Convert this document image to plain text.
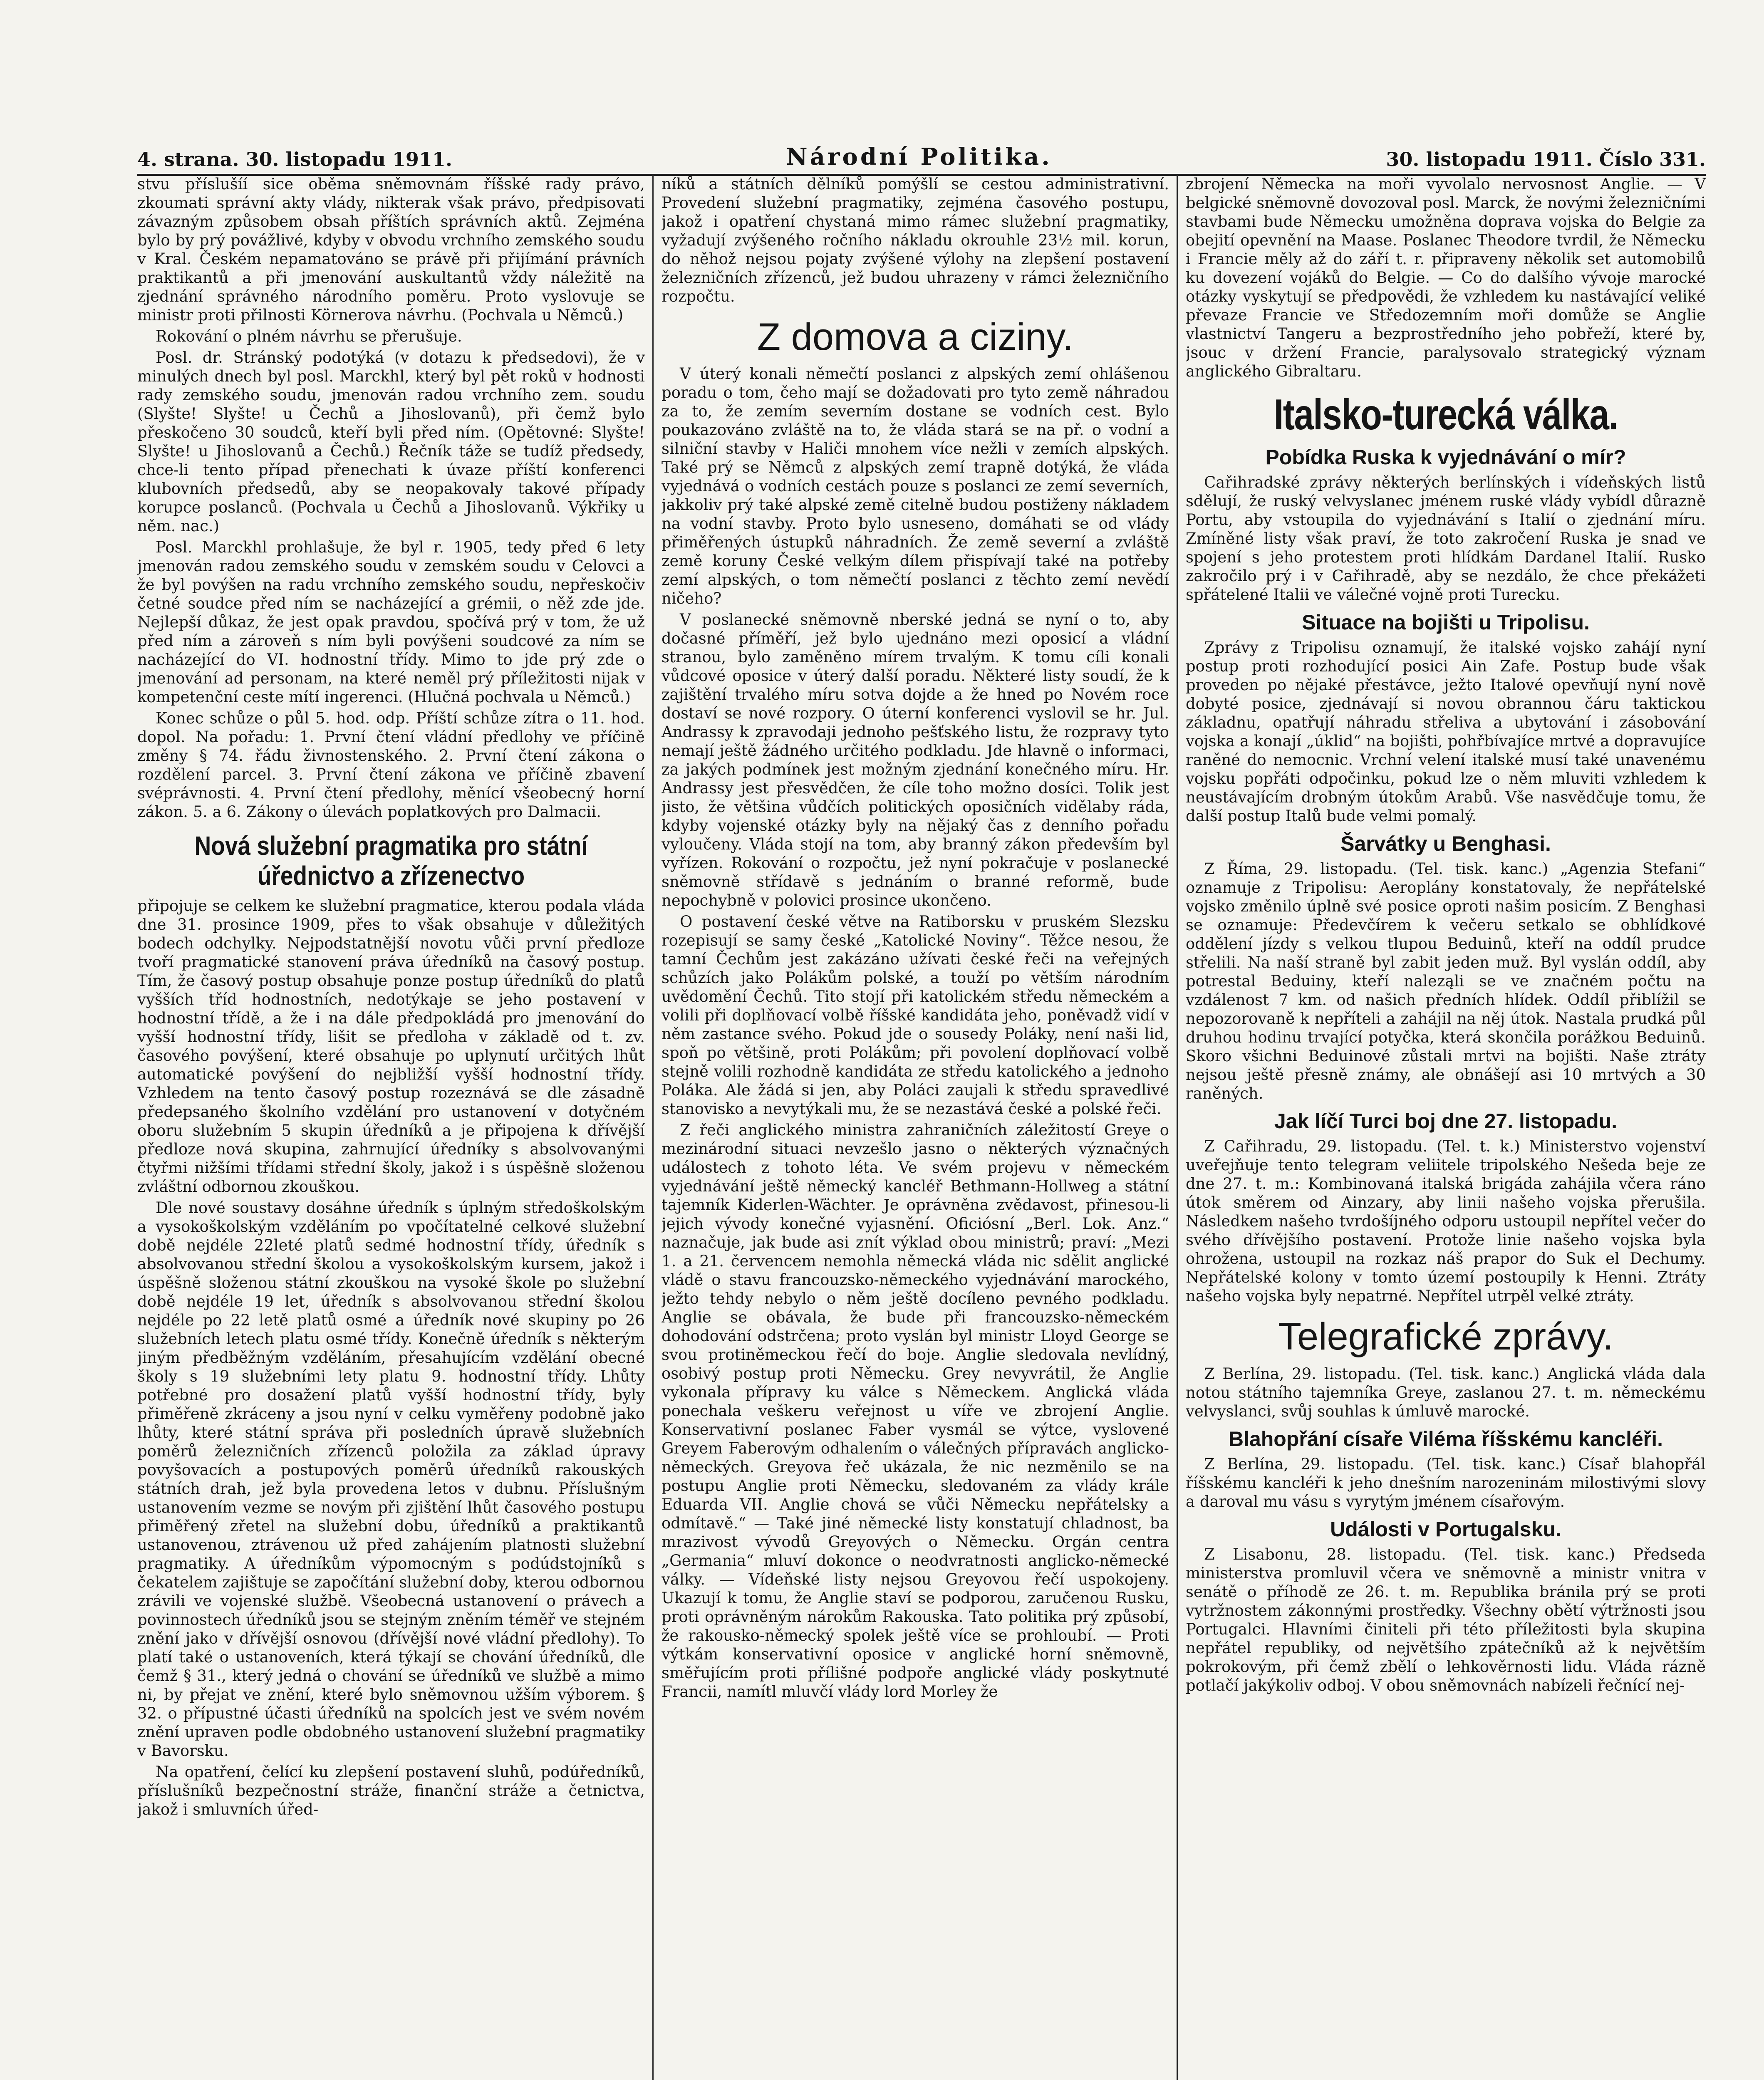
4. strana. 30. listopadu 1911.	Národní Politika.	30. listopadu 1911. Číslo 331.

stvu příslušíí sice oběma sněmovnám říšské rady právo, zkoumati správní akty vlády, nikterak však právo, předpisovati závazným způsobem obsah příštích správních aktů. Zejména bylo by prý povážlivé, kdyby v obvodu vrchního zemského soudu v Kral. Českém nepamatováno se právě při přijímání právních praktikantů a při jmenování auskultantů vždy náležitě na zjednání správného národního poměru. Proto vyslovuje se ministr proti přilnosti Körnerova návrhu. (Pochvala u Němců.)

Rokování o plném návrhu se přerušuje.

Posl. dr. Stránský podotýká (v dotazu k předsedovi), že v minulých dnech byl posl. Marckhl, který byl pět roků v hodnosti rady zemského soudu, jmenován radou vrchního zem. soudu (Slyšte! Slyšte! u Čechů a Jihoslovanů), při čemž bylo přeskočeno 30 soudců, kteří byli před ním. (Opětovné: Slyšte! Slyšte! u Jihoslovanů a Čechů.) Řečník táže se tudíž předsedy, chce-li tento případ přenechati k úvaze příští konferenci klubovních předsedů, aby se neopakovaly takové případy korupce poslanců. (Pochvala u Čechů a Jihoslovanů. Výkřiky u něm. nac.)

Posl. Marckhl prohlašuje, že byl r. 1905, tedy před 6 lety jmenován radou zemského soudu v zemském soudu v Celovci a že byl povýšen na radu vrchního zemského soudu, nepřeskočiv četné soudce před ním se nacházející a grémii, o něž zde jde. Nejlepší důkaz, že jest opak pravdou, spočívá prý v tom, že už před ním a zároveň s ním byli povýšeni soudcové za ním se nacházející do VI. hodnostní třídy. Mimo to jde prý zde o jmenování ad personam, na které neměl prý příležitosti nijak v kompetenční ceste mítí ingerenci. (Hlučná pochvala u Němců.)

Konec schůze o půl 5. hod. odp. Příští schůze zítra o 11. hod. dopol. Na pořadu: 1. První čtení vládní předlohy ve příčině změny § 74. řádu živnostenského. 2. První čtení zákona o rozdělení parcel. 3. První čtení zákona ve příčině zbavení svéprávnosti. 4. První čtení předlohy, měnící všeobecný horní zákon. 5. a 6. Zákony o úlevách poplatkových pro Dalmacii.

Nová služební pragmatika pro státní úřednictvo a zřízenectvo

připojuje se celkem ke služební pragmatice, kterou podala vláda dne 31. prosince 1909, přes to však obsahuje v důležitých bodech odchylky. Nejpodstatnější novotu vůči první předloze tvoří pragmatické stanovení práva úředníků na časový postup. Tím, že časový postup obsahuje ponze postup úředníků do platů vyšších tříd hodnostních, nedotýkaje se jeho postavení v hodnostní třídě, a že i na dále předpokládá pro jmenování do vyšší hodnostní třídy, lišit se předloha v základě od t. zv. časového povýšení, které obsahuje po uplynutí určitých lhůt automatické povýšení do nejbližší vyšší hodnostní třídy. Vzhledem na tento časový postup rozeznává se dle zásadně předepsaného školního vzdělání pro ustanovení v dotyčném oboru služebním 5 skupin úředníků a je připojena k dřívější předloze nová skupina, zahrnující úředníky s absolvovanými čtyřmi nižšími třídami střední školy, jakož i s úspěšně složenou zvláštní odbornou zkouškou.

Dle nové soustavy dosáhne úředník s úplným středoškolským a vysokoškolským vzděláním po vpočítatelné celkové služební době nejdéle 22leté platů sedmé hodnostní třídy, úředník s absolvovanou střední školou a vysokoškolským kursem, jakož i úspěšně složenou státní zkouškou na vysoké škole po služební době nejdéle 19 let, úředník s absolvovanou střední školou nejdéle po 22 letě platů osmé a úředník nové skupiny po 26 služebních letech platu osmé třídy. Konečně úředník s některým jiným předběžným vzděláním, přesahujícím vzdělání obecné školy s 19 služebními lety platu 9. hodnostní třídy. Lhůty potřebné pro dosažení platů vyšší hodnostní třídy, byly přiměřeně zkráceny a jsou nyní v celku vyměřeny podobně jako lhůty, které státní správa při posledních úpravě služebních poměrů železničních zřízenců položila za základ úpravy povyšovacích a postupových poměrů úředníků rakouských státních drah, jež byla provedena letos v dubnu. Příslušným ustanovením vezme se novým při zjištění lhůt časového postupu přiměřený zřetel na služební dobu, úředníků a praktikantů ustanovenou, ztrávenou už před zahájením platnosti služební pragmatiky. A úředníkům výpomocným s podúdstojníků s čekatelem zajištuje se započítání služební doby, kterou odbornou zrávili ve vojenské službě. Všeobecná ustanovení o právech a povinnostech úředníků jsou se stejným zněním téměř ve stejném znění jako v dřívější osnovou (dřívější nové vládní předlohy). To platí také o ustanoveních, která týkají se chování úředníků, dle čemž § 31., který jedná o chování se úředníků ve službě a mimo ni, by přejat ve znění, které bylo sněmovnou užším výborem. § 32. o přípustné účasti úředníků na spolcích jest ve svém novém znění upraven podle obdobného ustanovení služební pragmatiky v Bavorsku.

Na opatření, čelící ku zlepšení postavení sluhů, podúředníků, příslušníků bezpečnostní stráže, finanční stráže a četnictva, jakož i smluvních úřed-

níků a státních dělníků pomýšlí se cestou administrativní. Provedení služební pragmatiky, zejména časového postupu, jakož i opatření chystaná mimo rámec služební pragmatiky, vyžadují zvýšeného ročního nákladu okrouhle 23½ mil. korun, do něhož nejsou pojaty zvýšené výlohy na zlepšení postavení železničních zřízenců, jež budou uhrazeny v rámci železničního rozpočtu.

Z domova a ciziny.

V úterý konali němečtí poslanci z alpských zemí ohlášenou poradu o tom, čeho mají se dožadovati pro tyto země náhradou za to, že zemím severním dostane se vodních cest. Bylo poukazováno zvláště na to, že vláda stará se na př. o vodní a silniční stavby v Haliči mnohem více nežli v zemích alpských. Také prý se Němců z alpských zemí trapně dotýká, že vláda vyjednává o vodních cestách pouze s poslanci ze zemí severních, jakkoliv prý také alpské země citelně budou postiženy nákladem na vodní stavby. Proto bylo usneseno, domáhati se od vlády přiměřených ústupků náhradních. Že země severní a zvláště země koruny České velkým dílem přispívají také na potřeby zemí alpských, o tom němečtí poslanci z těchto zemí nevědí ničeho?

V poslanecké sněmovně nberské jedná se nyní o to, aby dočasné příměří, jež bylo ujednáno mezi oposicí a vládní stranou, bylo zaměněno mírem trvalým. K tomu cíli konali vůdcové oposice v úterý další poradu. Některé listy soudí, že k zajištění trvalého míru sotva dojde a že hned po Novém roce dostaví se nové rozpory. O úterní konferenci vyslovil se hr. Jul. Andrassy k zpravodaji jednoho pešťského listu, že rozpravy tyto nemají ještě žádného určitého podkladu. Jde hlavně o informaci, za jakých podmínek jest možným zjednání konečného míru. Hr. Andrassy jest přesvědčen, že cíle toho možno dosíci. Tolik jest jisto, že většina vůdčích politických oposičních vidělaby ráda, kdyby vojenské otázky byly na nějaký čas z denního pořadu vyloučeny. Vláda stojí na tom, aby branný zákon především byl vyřízen. Rokování o rozpočtu, jež nyní pokračuje v poslanecké sněmovně střídavě s jednáním o branné reformě, bude nepochybně v polovici prosince ukončeno.

O postavení české větve na Ratiborsku v pruském Slezsku rozepisují se samy české „Katolické Noviny“. Těžce nesou, že tamní Čechům jest zakázáno užívati české řeči na veřejných schůzích jako Polákům polské, a touží po větším národním uvědomění Čechů. Tito stojí při katolickém středu německém a volili při doplňovací volbě říšské kandidáta jeho, poněvadž vidí v něm zastance svého. Pokud jde o sousedy Poláky, není naši lid, spoň po většině, proti Polákům; při povolení doplňovací volbě stejně volili rozhodně kandidáta ze středu katolického a jednoho Poláka. Ale žádá si jen, aby Poláci zaujali k středu spravedlivé stanovisko a nevytýkali mu, že se nezastává české a polské řeči.

Z řeči anglického ministra zahraničních záležitostí Greye o mezinárodní situaci nevzešlo jasno o některých význačných událostech z tohoto léta. Ve svém projevu v německém vyjednávání ještě německý kancléř Bethmann-Hollweg a státní tajemník Kiderlen-Wächter. Je oprávněna zvědavost, přinesou-li jejich vývody konečné vyjasnění. Oficiósní „Berl. Lok. Anz.“ naznačuje, jak bude asi znít výklad obou ministrů; praví: „Mezi 1. a 21. červencem nemohla německá vláda nic sdělit anglické vládě o stavu francouzsko-německého vyjednávání marockého, ježto tehdy nebylo o něm ještě docíleno pevného podkladu. Anglie se obávala, že bude při francouzsko-německém dohodování odstrčena; proto vyslán byl ministr Lloyd George se svou protiněmeckou řečí do boje. Anglie sledovala nevlídný, osobivý postup proti Německu. Grey nevyvrátil, že Anglie vykonala přípravy ku válce s Německem. Anglická vláda ponechala veškeru veřejnost u víře ve zbrojení Anglie. Konservativní poslanec Faber vysmál se výtce, vyslovené Greyem Faberovým odhalením o válečných přípravách anglicko-německých. Greyova řeč ukázala, že nic nezměnilo se na postupu Anglie proti Německu, sledovaném za vlády krále Eduarda VII. Anglie chová se vůči Německu nepřátelsky a odmítavě.“ — Také jiné německé listy konstatují chladnost, ba mrazivost vývodů Greyových o Německu. Orgán centra „Germania“ mluví dokonce o neodvratnosti anglicko-německé války. — Vídeňské listy nejsou Greyovou řečí uspokojeny. Ukazují k tomu, že Anglie staví se podporou, zaručenou Rusku, proti oprávněným nárokům Rakouska. Tato politika prý způsobí, že rakousko-německý spolek ještě více se prohloubí. — Proti výtkám konservativní oposice v anglické horní sněmovně, směřujícím proti přílišné podpoře anglické vlády poskytnuté Francii, namítl mluvčí vlády lord Morley že

zbrojení Německa na moři vyvolalo nervosnost Anglie. — V belgické sněmovně dovozoval posl. Marck, že novými železničními stavbami bude Německu umožněna doprava vojska do Belgie za obejití opevnění na Maase. Poslanec Theodore tvrdil, že Německu i Francie měly až do září t. r. připraveny několik set automobilů ku dovezení vojáků do Belgie. — Co do dalšího vývoje marocké otázky vyskytují se předpovědi, že vzhledem ku nastávající veliké převaze Francie ve Středozemním moři domůže se Anglie vlastnictví Tangeru a bezprostředního jeho pobřeží, které by, jsouc v držení Francie, paralysovalo strategický význam anglického Gibraltaru.

Italsko-turecká válka.
Pobídka Ruska k vyjednávání o mír?

Cařihradské zprávy některých berlínských i vídeňských listů sdělují, že ruský velvyslanec jménem ruské vlády vybídl důrazně Portu, aby vstoupila do vyjednávání s Italií o zjednání míru. Zmíněné listy však praví, že toto zakročení Ruska je snad ve spojení s jeho protestem proti hlídkám Dardanel Italií. Rusko zakročilo prý i v Cařihradě, aby se nezdálo, že chce překážeti spřátelené Italii ve válečné vojně proti Turecku.

Situace na bojišti u Tripolisu.

Zprávy z Tripolisu oznamují, že italské vojsko zahájí nyní postup proti rozhodující posici Ain Zafe. Postup bude však proveden po nějaké přestávce, ježto Italové opevňují nyní nově dobyté posice, zjednávají si novou obrannou čáru taktickou základnu, opatřují náhradu střeliva a ubytování i zásobování vojska a konají „úklid“ na bojišti, pohřbívajíce mrtvé a dopravujíce raněné do nemocnic. Vrchní velení italské musí také unavenému vojsku popřáti odpočinku, pokud lze o něm mluviti vzhledem k neustávajícím drobným útokům Arabů. Vše nasvědčuje tomu, že další postup Italů bude velmi pomalý.

Šarvátky u Benghasi.

Z Říma, 29. listopadu. (Tel. tisk. kanc.) „Agenzia Stefani“ oznamuje z Tripolisu: Aeroplány konstatovaly, že nepřátelské vojsko změnilo úplně své posice oproti našim posicím. Z Benghasi se oznamuje: Předevčírem k večeru setkalo se obhlídkové oddělení jízdy s velkou tlupou Beduinů, kteří na oddíl prudce střelili. Na naší straně byl zabit jeden muž. Byl vyslán oddíl, aby potrestal Beduiny, kteří naleząli se ve značném počtu na vzdálenost 7 km. od našich předních hlídek. Oddíl přiblížil se nepozorovaně k nepříteli a zahájil na něj útok. Nastala prudká půl druhou hodinu trvající potyčka, která skončila porážkou Beduinů. Skoro všichni Beduinové zůstali mrtvi na bojišti. Naše ztráty nejsou ještě přesně známy, ale obnášejí asi 10 mrtvých a 30 raněných.

Jak líčí Turci boj dne 27. listopadu.

Z Cařihradu, 29. listopadu. (Tel. t. k.) Ministerstvo vojenství uveřejňuje tento telegram veliitele tripolského Nešeda beje ze dne 27. t. m.: Kombinovaná italská brigáda zahájila včera ráno útok směrem od Ainzary, aby linii našeho vojska přerušila. Následkem našeho tvrdošíjného odporu ustoupil nepřítel večer do svého dřívějšího postavení. Protože linie našeho vojska byla ohrožena, ustoupil na rozkaz náš prapor do Suk el Dechumy. Nepřátelské kolony v tomto území postoupily k Henni. Ztráty našeho vojska byly nepatrné. Nepřítel utrpěl velké ztráty.

Telegrafické zprávy.

Z Berlína, 29. listopadu. (Tel. tisk. kanc.) Anglická vláda dala notou státního tajemníka Greye, zaslanou 27. t. m. německému velvyslanci, svůj souhlas k úmluvě marocké.

Blahopřání císaře Viléma říšskému kancléři.

Z Berlína, 29. listopadu. (Tel. tisk. kanc.) Císař blahopřál říšskému kancléři k jeho dnešním narozeninám milostivými slovy a daroval mu vásu s vyrytým jménem císařovým.

Události v Portugalsku.

Z Lisabonu, 28. listopadu. (Tel. tisk. kanc.) Předseda ministerstva promluvil včera ve sněmovně a ministr vnitra v senátě o příhodě ze 26. t. m. Republika bránila prý se proti vytržnostem zákonnými prostředky. Všechny obětí výtržnosti jsou Portugalci. Hlavními činiteli při této příležitosti byla skupina nepřátel republiky, od největšího zpátečníků až k největším pokrokovým, při čemž zbělí o lehkověrnosti lidu. Vláda rázně potlačí jakýkoliv odboj. V obou sněmovnách nabízeli řečnící nej-
